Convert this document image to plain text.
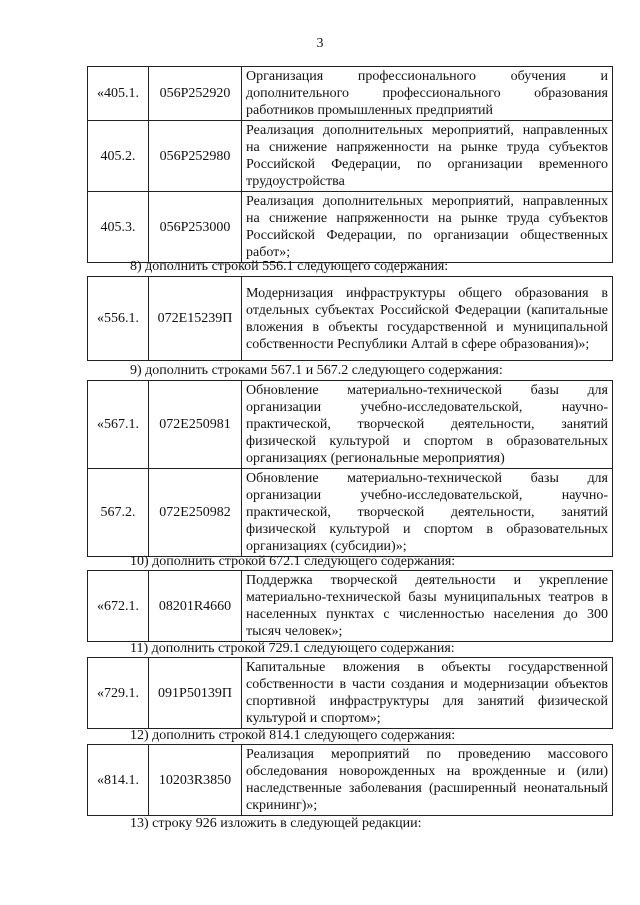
3
«405.1.	056P252920	Организация профессионального обучения и дополнительного профессионального образования работников промышленных предприятий
405.2.	056P252980	Реализация дополнительных мероприятий, направленных на снижение напряженности на рынке труда субъектов Российской Федерации, по организации временного трудоустройства
405.3.	056P253000	Реализация дополнительных мероприятий, направленных на снижение напряженности на рынке труда субъектов Российской Федерации, по организации общественных работ»;
8) дополнить строкой 556.1 следующего содержания:
«556.1.	072E15239П	Модернизация инфраструктуры общего образования в отдельных субъектах Российской Федерации (капитальные вложения в объекты государственной и муниципальной собственности Республики Алтай в сфере образования)»;
9) дополнить строками 567.1 и 567.2 следующего содержания:
«567.1.	072E250981	Обновление материально-технической базы для организации учебно-исследовательской, научно-практической, творческой деятельности, занятий физической культурой и спортом в образовательных организациях (региональные мероприятия)
567.2.	072E250982	Обновление материально-технической базы для организации учебно-исследовательской, научно-практической, творческой деятельности, занятий физической культурой и спортом в образовательных организациях (субсидии)»;
10) дополнить строкой 672.1 следующего содержания:
«672.1.	08201R4660	Поддержка творческой деятельности и укрепление материально-технической базы муниципальных театров в населенных пунктах с численностью населения до 300 тысяч человек»;
11) дополнить строкой 729.1 следующего содержания:
«729.1.	091P50139П	Капитальные вложения в объекты государственной собственности в части создания и модернизации объектов спортивной инфраструктуры для занятий физической культурой и спортом»;
12) дополнить строкой 814.1 следующего содержания:
«814.1.	10203R3850	Реализация мероприятий по проведению массового обследования новорожденных на врожденные и (или) наследственные заболевания (расширенный неонатальный скрининг)»;
13) строку 926 изложить в следующей редакции:
